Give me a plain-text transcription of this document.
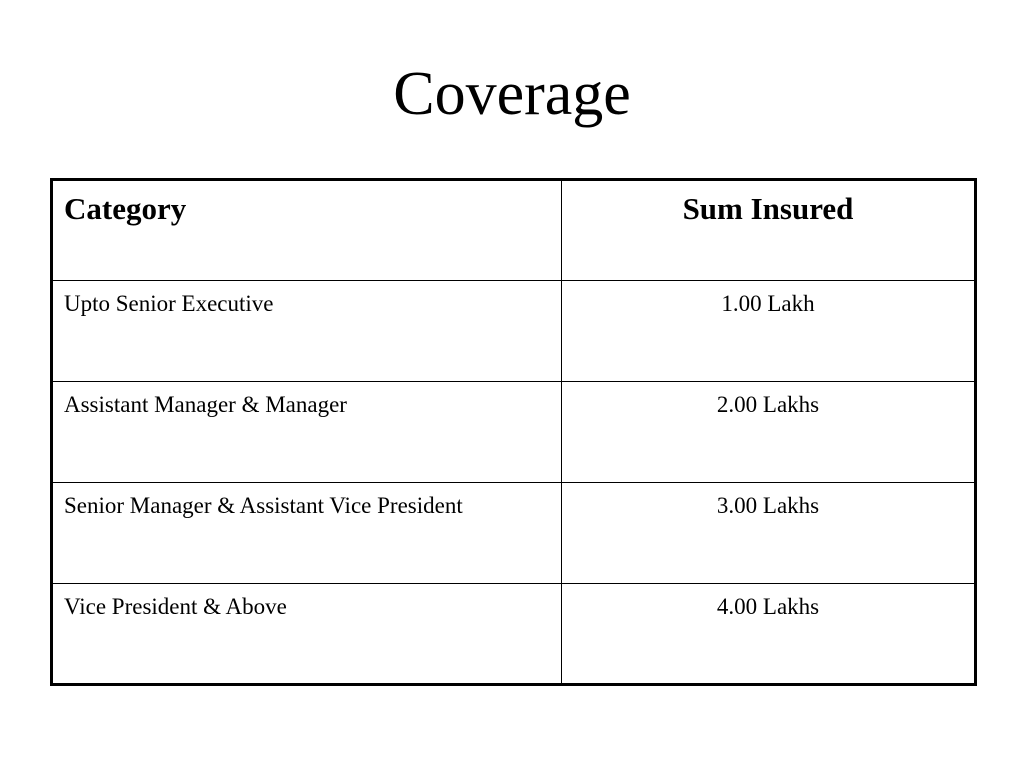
Coverage
Category	Sum Insured
Upto Senior Executive	1.00 Lakh
Assistant Manager & Manager	2.00 Lakhs
Senior Manager & Assistant Vice President	3.00 Lakhs
Vice President & Above	4.00 Lakhs
